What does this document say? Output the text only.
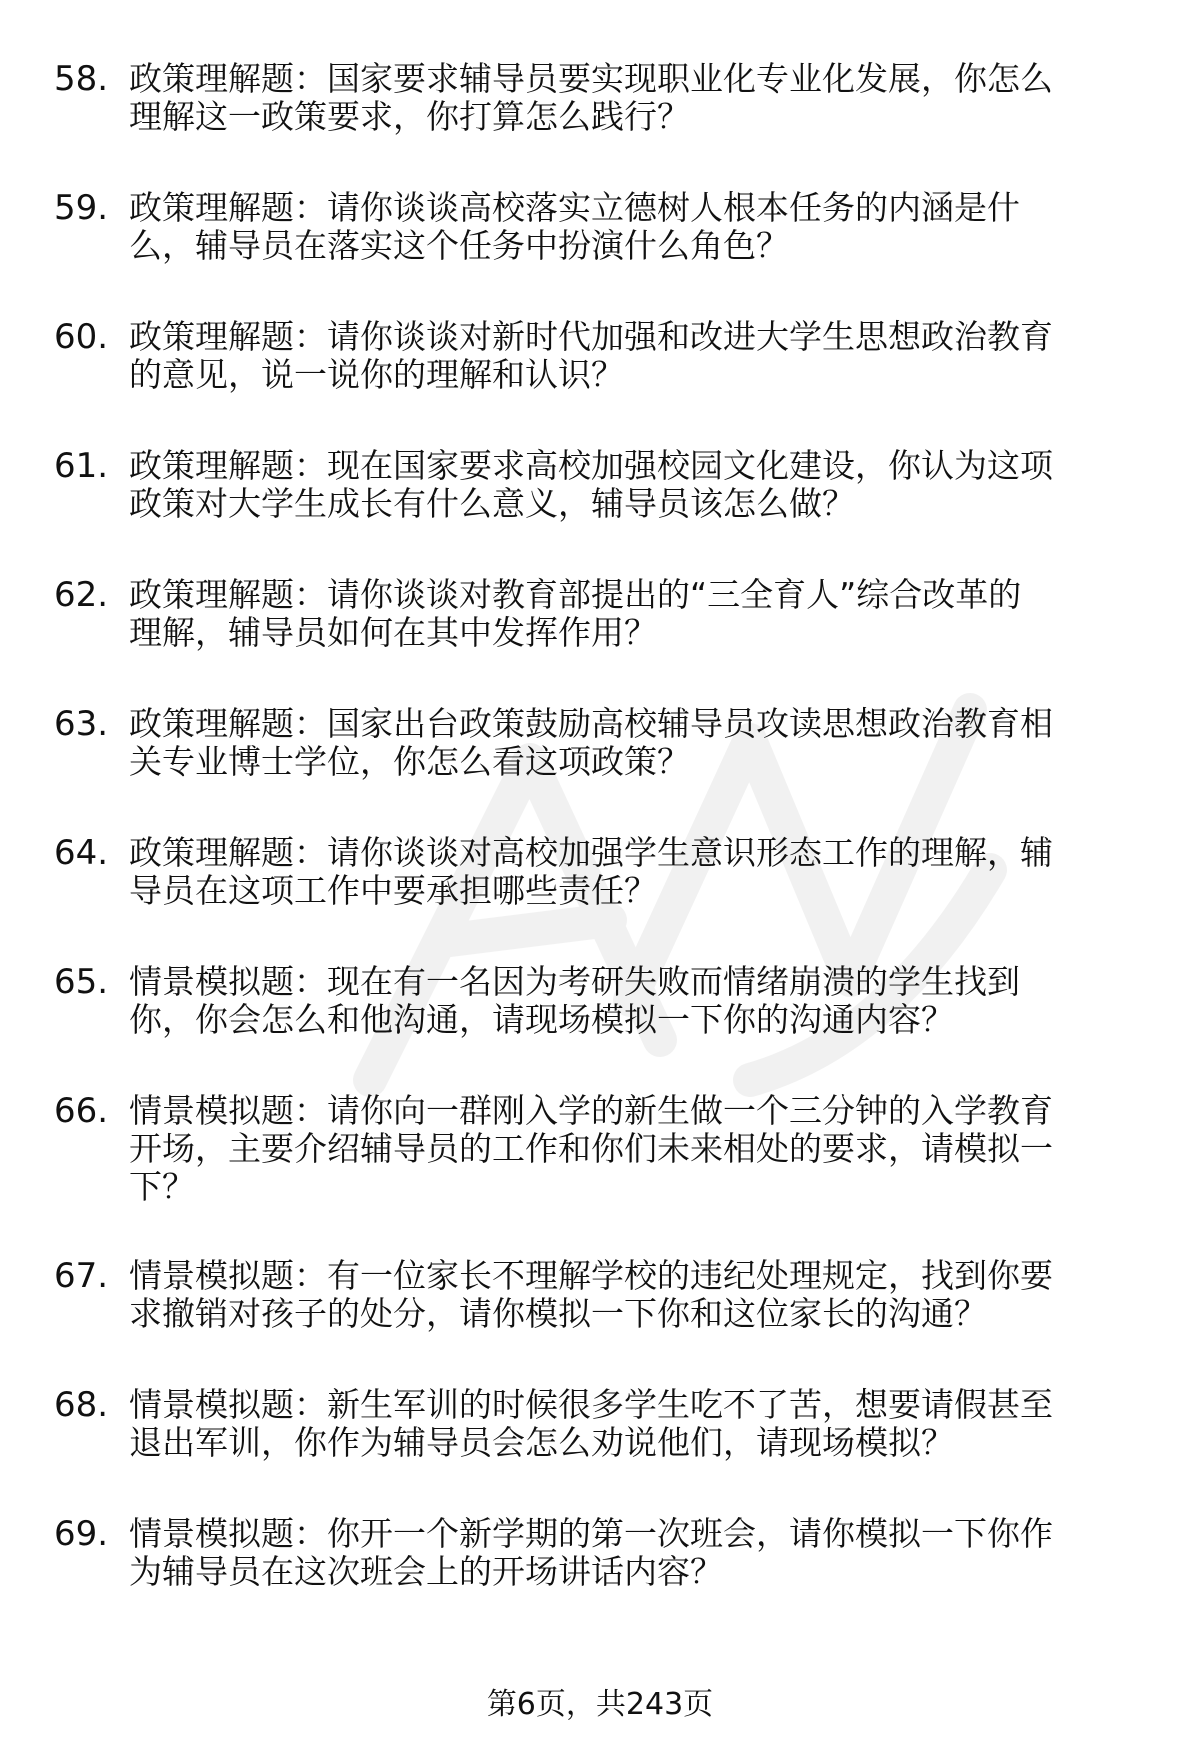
58. 政策理解题：国家要求辅导员要实现职业化专业化发展，你怎么
理解这一政策要求，你打算怎么践行？
59. 政策理解题：请你谈谈高校落实立德树人根本任务的内涵是什
么，辅导员在落实这个任务中扮演什么角色？
60. 政策理解题：请你谈谈对新时代加强和改进大学生思想政治教育
的意见，说一说你的理解和认识？
61. 政策理解题：现在国家要求高校加强校园文化建设，你认为这项
政策对大学生成长有什么意义，辅导员该怎么做？
62. 政策理解题：请你谈谈对教育部提出的“三全育人”综合改革的
理解，辅导员如何在其中发挥作用？
63. 政策理解题：国家出台政策鼓励高校辅导员攻读思想政治教育相
关专业博士学位，你怎么看这项政策？
64. 政策理解题：请你谈谈对高校加强学生意识形态工作的理解，辅
导员在这项工作中要承担哪些责任？
65. 情景模拟题：现在有一名因为考研失败而情绪崩溃的学生找到
你，你会怎么和他沟通，请现场模拟一下你的沟通内容？
66. 情景模拟题：请你向一群刚入学的新生做一个三分钟的入学教育
开场，主要介绍辅导员的工作和你们未来相处的要求，请模拟一
下？
67. 情景模拟题：有一位家长不理解学校的违纪处理规定，找到你要
求撤销对孩子的处分，请你模拟一下你和这位家长的沟通？
68. 情景模拟题：新生军训的时候很多学生吃不了苦，想要请假甚至
退出军训，你作为辅导员会怎么劝说他们，请现场模拟？
69. 情景模拟题：你开一个新学期的第一次班会，请你模拟一下你作
为辅导员在这次班会上的开场讲话内容？
第6页，共243页
